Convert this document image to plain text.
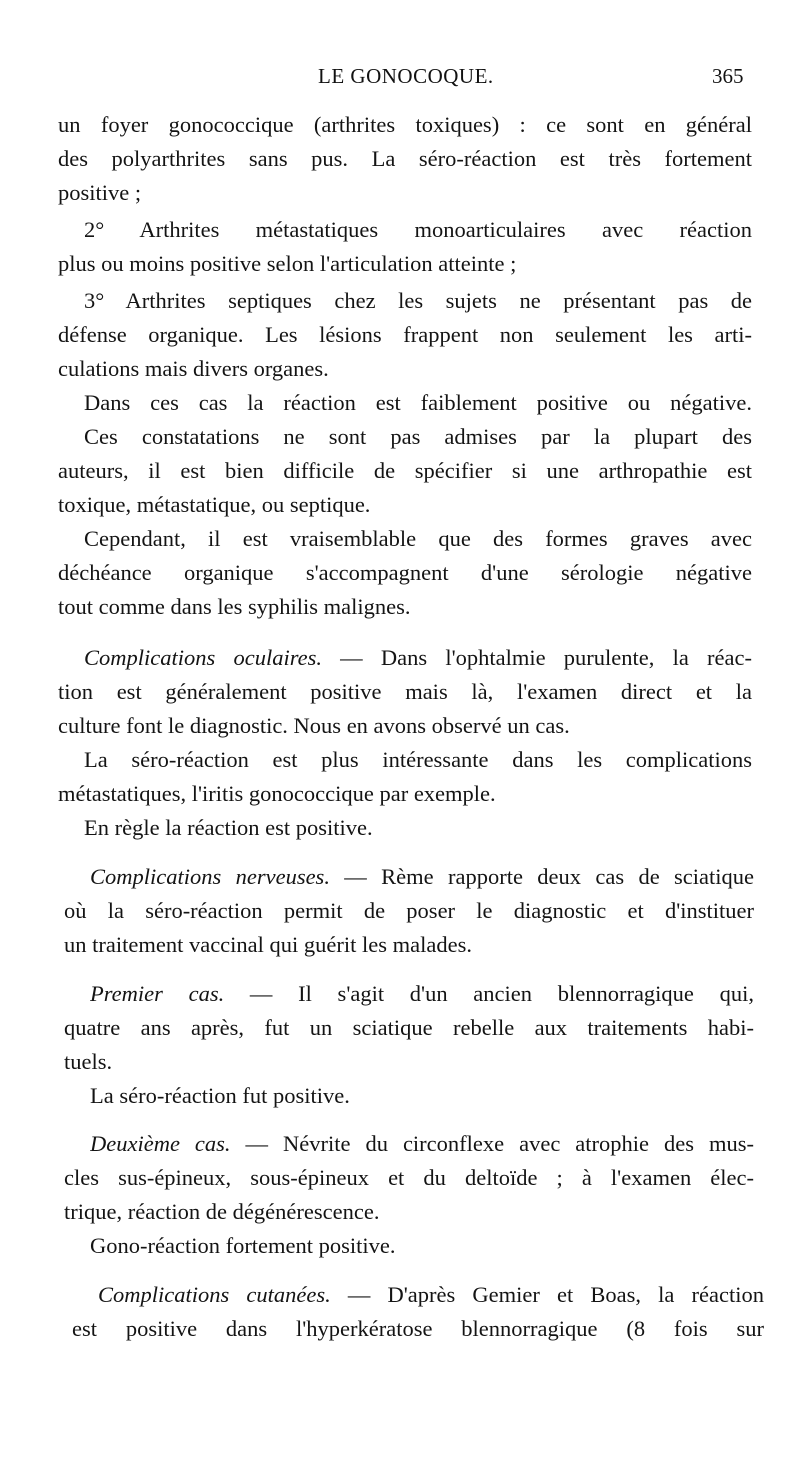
LE GONOCOQUE.	365
un foyer gonococcique (arthrites toxiques) : ce sont en général
des polyarthrites sans pus. La séro-réaction est très fortement
positive ;
2° Arthrites métastatiques monoarticulaires avec réaction
plus ou moins positive selon l'articulation atteinte ;
3° Arthrites septiques chez les sujets ne présentant pas de
défense organique. Les lésions frappent non seulement les arti-
culations mais divers organes.
Dans ces cas la réaction est faiblement positive ou négative.
Ces constatations ne sont pas admises par la plupart des
auteurs, il est bien difficile de spécifier si une arthropathie est
toxique, métastatique, ou septique.
Cependant, il est vraisemblable que des formes graves avec
déchéance organique s'accompagnent d'une sérologie négative
tout comme dans les syphilis malignes.
Complications oculaires. — Dans l'ophtalmie purulente, la réac-
tion est généralement positive mais là, l'examen direct et la
culture font le diagnostic. Nous en avons observé un cas.
La séro-réaction est plus intéressante dans les complications
métastatiques, l'iritis gonococcique par exemple.
En règle la réaction est positive.
Complications nerveuses. — Rème rapporte deux cas de sciatique
où la séro-réaction permit de poser le diagnostic et d'instituer
un traitement vaccinal qui guérit les malades.
Premier cas. — Il s'agit d'un ancien blennorragique qui,
quatre ans après, fut un sciatique rebelle aux traitements habi-
tuels.
La séro-réaction fut positive.
Deuxième cas. — Névrite du circonflexe avec atrophie des mus-
cles sus-épineux, sous-épineux et du deltoïde ; à l'examen élec-
trique, réaction de dégénérescence.
Gono-réaction fortement positive.
Complications cutanées. — D'après Gemier et Boas, la réaction
est positive dans l'hyperkératose blennorragique (8 fois sur
